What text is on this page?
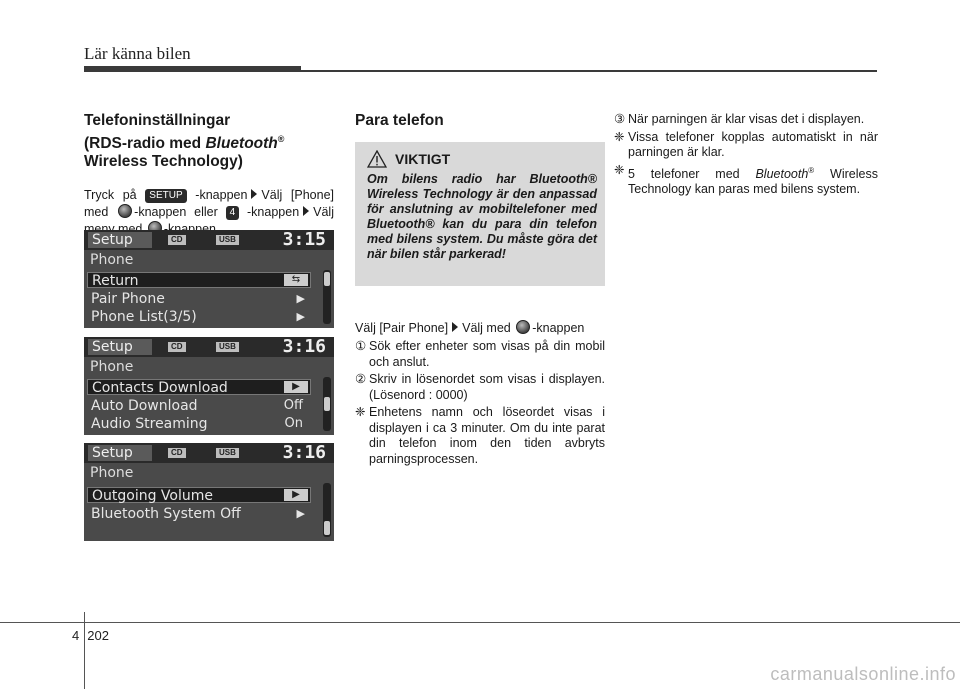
Lär känna bilen
Telefoninställningar
(RDS-radio med Bluetooth®
Wireless Technology)
Tryck på SETUP -knappen Välj [Phone] med -knappen eller 4 -knappen Välj
Setup	CD	USB	3:15
Phone
Return	⇆
Pair Phone	▶
Phone List(3/5)	▶
Setup	CD	USB	3:16
Phone
Contacts Download	▶
Auto Download	Off
Audio Streaming	On
Setup	CD	USB	3:16
Phone
Outgoing Volume	▶
Bluetooth System Off	▶
Para telefon
VIKTIGT
Om bilens radio har Bluetooth® Wireless Technology är den anpassad för anslutning av mobiltelefoner med Bluetooth® kan du para din telefon med bilens system. Du måste göra det när bilen står parkerad!
Välj [Pair Phone] Välj med -knappen
① Sök efter enheter som visas på din mobil och anslut.
② Skriv in lösenordet som visas i displayen. (Lösenord : 0000)
❈ Enhetens namn och löseordet visas i displayen i ca 3 minuter. Om du inte parat din telefon inom den tiden avbryts parningsprocessen.
③ När parningen är klar visas det i displayen.
❈ Vissa telefoner kopplas automatiskt in när parningen är klar.
❈ 5 telefoner med Bluetooth® Wireless Technology kan paras med bilens system.
4 202
carmanualsonline.info
